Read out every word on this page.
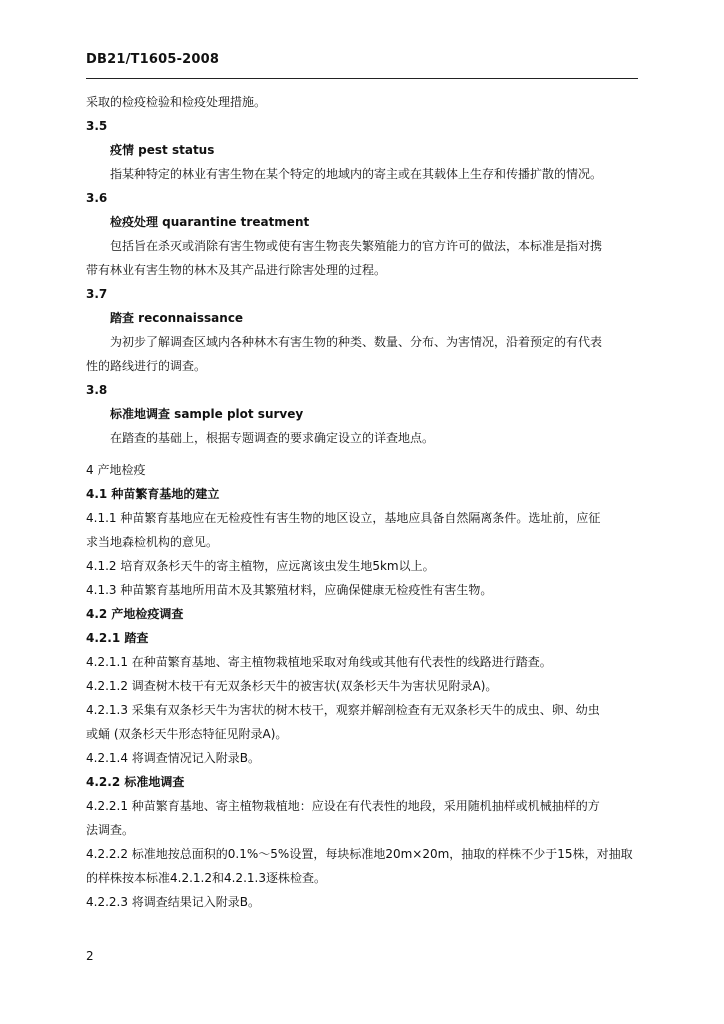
DB21/T1605-2008
采取的检疫检验和检疫处理措施。
3.5
疫情 pest status
指某种特定的林业有害生物在某个特定的地域内的寄主或在其载体上生存和传播扩散的情况。
3.6
检疫处理 quarantine treatment
包括旨在杀灭或消除有害生物或使有害生物丧失繁殖能力的官方许可的做法，本标准是指对携
带有林业有害生物的林木及其产品进行除害处理的过程。
3.7
踏查 reconnaissance
为初步了解调查区域内各种林木有害生物的种类、数量、分布、为害情况，沿着预定的有代表
性的路线进行的调查。
3.8
标准地调查 sample plot survey
在踏查的基础上，根据专题调查的要求确定设立的详查地点。
4 产地检疫
4.1 种苗繁育基地的建立
4.1.1 种苗繁育基地应在无检疫性有害生物的地区设立，基地应具备自然隔离条件。选址前，应征
求当地森检机构的意见。
4.1.2 培育双条杉天牛的寄主植物，应远离该虫发生地5km以上。
4.1.3 种苗繁育基地所用苗木及其繁殖材料，应确保健康无检疫性有害生物。
4.2 产地检疫调查
4.2.1 踏查
4.2.1.1 在种苗繁育基地、寄主植物栽植地采取对角线或其他有代表性的线路进行踏查。
4.2.1.2 调查树木枝干有无双条杉天牛的被害状(双条杉天牛为害状见附录A)。
4.2.1.3 采集有双条杉天牛为害状的树木枝干，观察并解剖检查有无双条杉天牛的成虫、卵、幼虫
或蛹 (双条杉天牛形态特征见附录A)。
4.2.1.4 将调查情况记入附录B。
4.2.2 标准地调查
4.2.2.1 种苗繁育基地、寄主植物栽植地：应设在有代表性的地段，采用随机抽样或机械抽样的方
法调查。
4.2.2.2 标准地按总面积的0.1%～5%设置，每块标准地20m×20m，抽取的样株不少于15株，对抽取
的样株按本标准4.2.1.2和4.2.1.3逐株检查。
4.2.2.3 将调查结果记入附录B。
2
